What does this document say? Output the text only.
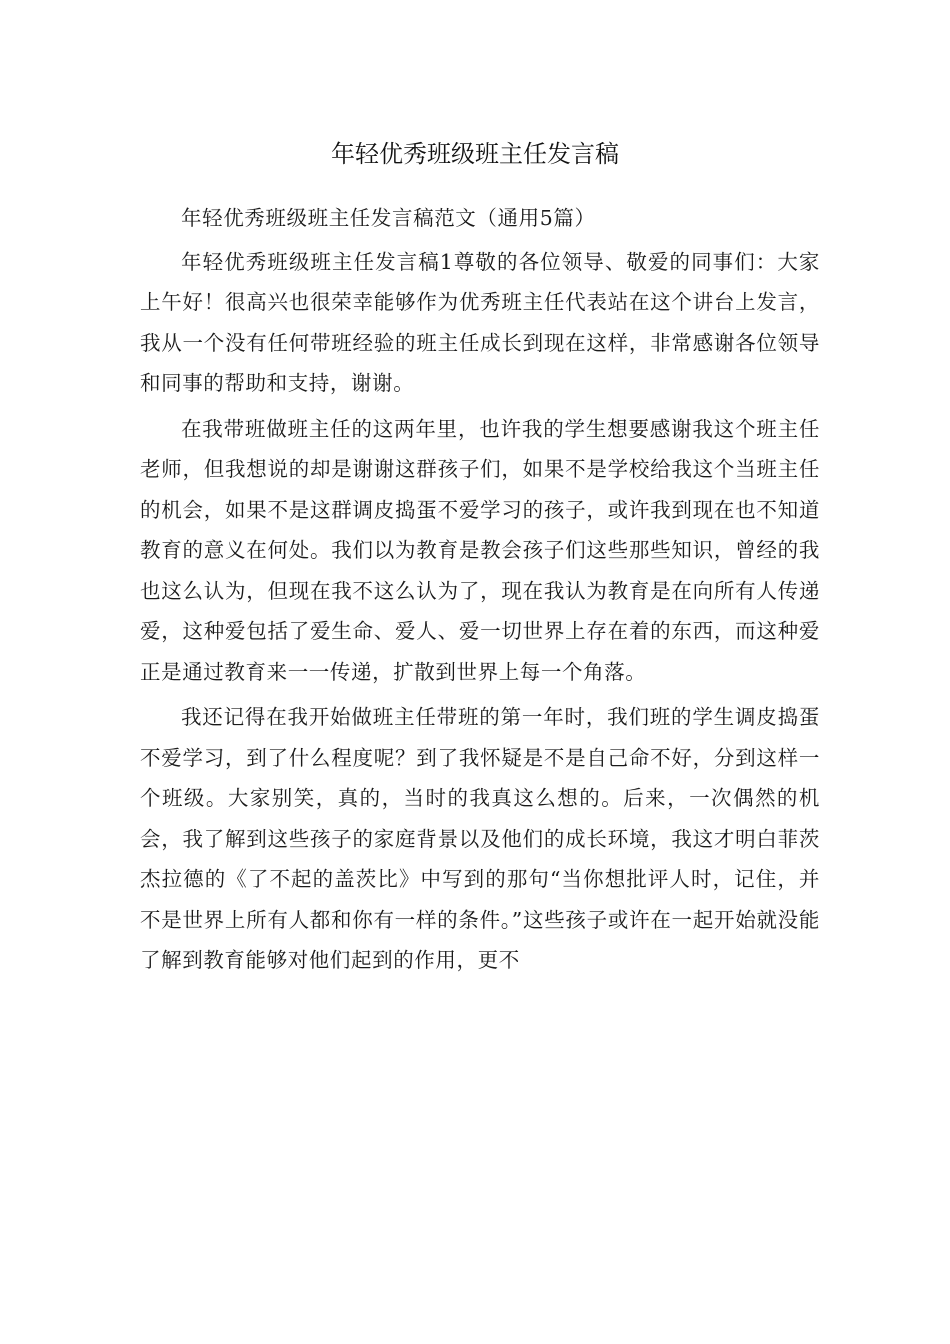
年轻优秀班级班主任发言稿

年轻优秀班级班主任发言稿范文（通用5篇）

年轻优秀班级班主任发言稿1尊敬的各位领导、敬爱的同事们：大家上午好！很高兴也很荣幸能够作为优秀班主任代表站在这个讲台上发言，我从一个没有任何带班经验的班主任成长到现在这样，非常感谢各位领导和同事的帮助和支持，谢谢。

在我带班做班主任的这两年里，也许我的学生想要感谢我这个班主任老师，但我想说的却是谢谢这群孩子们，如果不是学校给我这个当班主任的机会，如果不是这群调皮捣蛋不爱学习的孩子，或许我到现在也不知道教育的意义在何处。我们以为教育是教会孩子们这些那些知识，曾经的我也这么认为，但现在我不这么认为了，现在我认为教育是在向所有人传递爱，这种爱包括了爱生命、爱人、爱一切世界上存在着的东西，而这种爱正是通过教育来一一传递，扩散到世界上每一个角落。

我还记得在我开始做班主任带班的第一年时，我们班的学生调皮捣蛋不爱学习，到了什么程度呢？到了我怀疑是不是自己命不好，分到这样一个班级。大家别笑，真的，当时的我真这么想的。后来，一次偶然的机会，我了解到这些孩子的家庭背景以及他们的成长环境，我这才明白菲茨杰拉德的《了不起的盖茨比》中写到的那句“当你想批评人时，记住，并不是世界上所有人都和你有一样的条件。”这些孩子或许在一起开始就没能了解到教育能够对他们起到的作用，更不
